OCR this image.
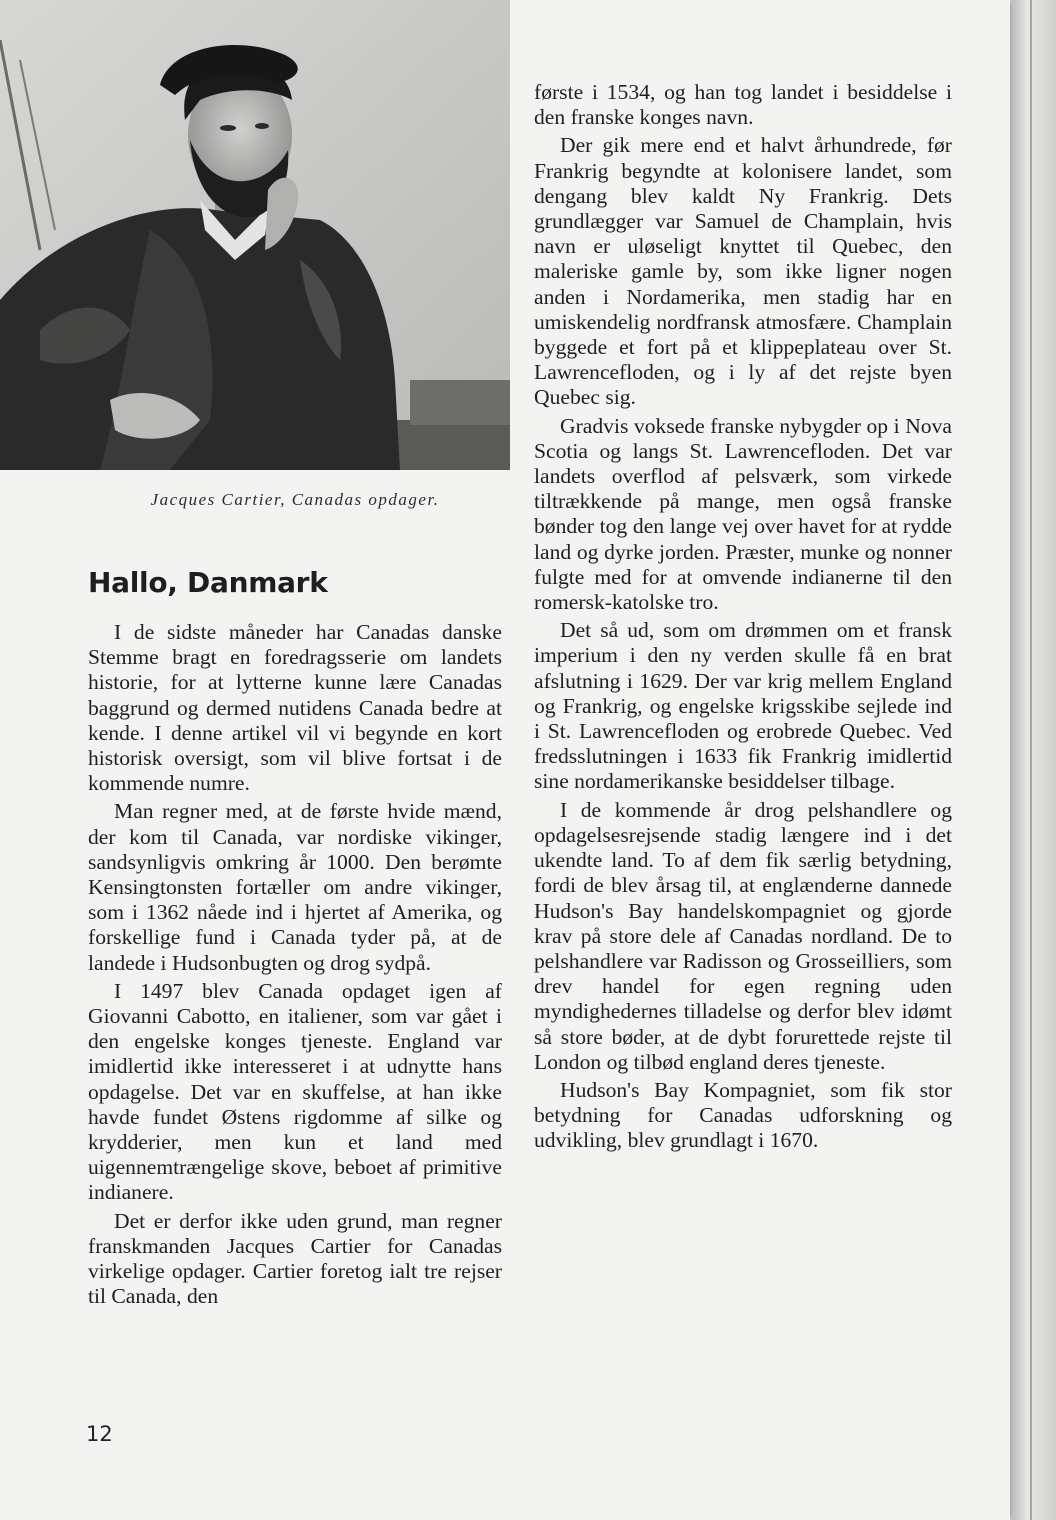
Jacques Cartier, Canadas opdager.
Hallo, Danmark

I de sidste måneder har Canadas danske Stemme bragt en foredragsserie om landets historie, for at lytterne kunne lære Canadas baggrund og dermed nutidens Canada bedre at kende. I denne artikel vil vi begynde en kort historisk oversigt, som vil blive fortsat i de kommende numre.

Man regner med, at de første hvide mænd, der kom til Canada, var nordiske vikinger, sandsynligvis omkring år 1000. Den berømte Kensingtonsten fortæller om andre vikinger, som i 1362 nåede ind i hjertet af Amerika, og forskellige fund i Canada tyder på, at de landede i Hudsonbugten og drog sydpå.

I 1497 blev Canada opdaget igen af Giovanni Cabotto, en italiener, som var gået i den engelske konges tjeneste. England var imidlertid ikke interesseret i at udnytte hans opdagelse. Det var en skuffelse, at han ikke havde fundet Østens rigdomme af silke og krydderier, men kun et land med uigennemtrængelige skove, beboet af primitive indianere.

Det er derfor ikke uden grund, man regner franskmanden Jacques Cartier for Canadas virkelige opdager. Cartier foretog ialt tre rejser til Canada, den

første i 1534, og han tog landet i besiddelse i den franske konges navn.

Der gik mere end et halvt århundrede, før Frankrig begyndte at kolonisere landet, som dengang blev kaldt Ny Frankrig. Dets grundlægger var Samuel de Champlain, hvis navn er uløseligt knyttet til Quebec, den maleriske gamle by, som ikke ligner nogen anden i Nordamerika, men stadig har en umiskendelig nordfransk atmosfære. Champlain byggede et fort på et klippeplateau over St. Lawrencefloden, og i ly af det rejste byen Quebec sig.

Gradvis voksede franske nybygder op i Nova Scotia og langs St. Lawrencefloden. Det var landets overflod af pelsværk, som virkede tiltrækkende på mange, men også franske bønder tog den lange vej over havet for at rydde land og dyrke jorden. Præster, munke og nonner fulgte med for at omvende indianerne til den romersk-katolske tro.

Det så ud, som om drømmen om et fransk imperium i den ny verden skulle få en brat afslutning i 1629. Der var krig mellem England og Frankrig, og engelske krigsskibe sejlede ind i St. Lawrencefloden og erobrede Quebec. Ved fredsslutningen i 1633 fik Frankrig imidlertid sine nordamerikanske besiddelser tilbage.

I de kommende år drog pelshandlere og opdagelsesrejsende stadig længere ind i det ukendte land. To af dem fik særlig betydning, fordi de blev årsag til, at englænderne dannede Hudson's Bay handelskompagniet og gjorde krav på store dele af Canadas nordland. De to pelshandlere var Radisson og Grosseilliers, som drev handel for egen regning uden myndighedernes tilladelse og derfor blev idømt så store bøder, at de dybt forurettede rejste til London og tilbød england deres tjeneste.

Hudson's Bay Kompagniet, som fik stor betydning for Canadas udforskning og udvikling, blev grundlagt i 1670.

12
